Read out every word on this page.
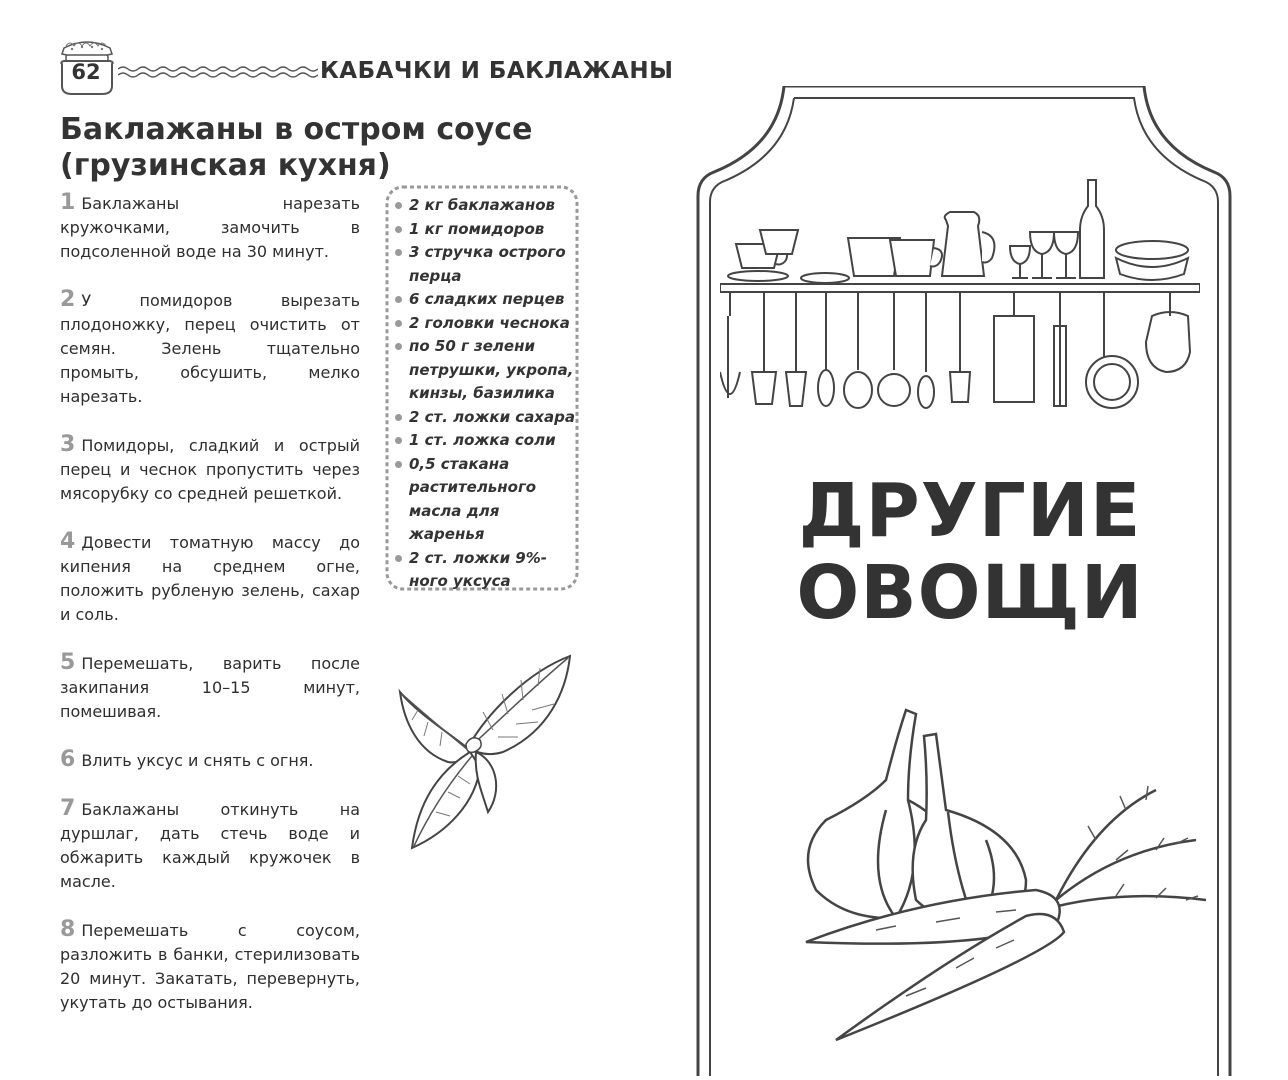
62	КАБАЧКИ И БАКЛАЖАНЫ
Баклажаны в остром соусе
(грузинская кухня)

1 Баклажаны нарезать кружочками, замочить в подсоленной воде на 30 минут.

2 У помидоров вырезать плодоножку, перец очистить от семян. Зелень тщательно промыть, обсушить, мелко нарезать.

3 Помидоры, сладкий и острый перец и чеснок пропустить через мясорубку со средней решеткой.

4 Довести томатную массу до кипения на среднем огне, положить рубленую зелень, сахар и соль.

5 Перемешать, варить после закипания 10–15 минут, помешивая.

6 Влить уксус и снять с огня.

7 Баклажаны откинуть на дуршлаг, дать стечь воде и обжарить каждый кружочек в масле.

8 Перемешать с соусом, разложить в банки, стерилизовать 20 минут. Закатать, перевернуть, укутать до остывания.

2 кг баклажанов
1 кг помидоров
3 стручка острого перца
6 сладких перцев
2 головки чеснока
по 50 г зелени петрушки, укропа, кинзы, базилика
2 ст. ложки сахара
1 ст. ложка соли
0,5 стакана растительного масла для жаренья
2 ст. ложки 9%-ного уксуса
ДРУГИЕ
ОВОЩИ
